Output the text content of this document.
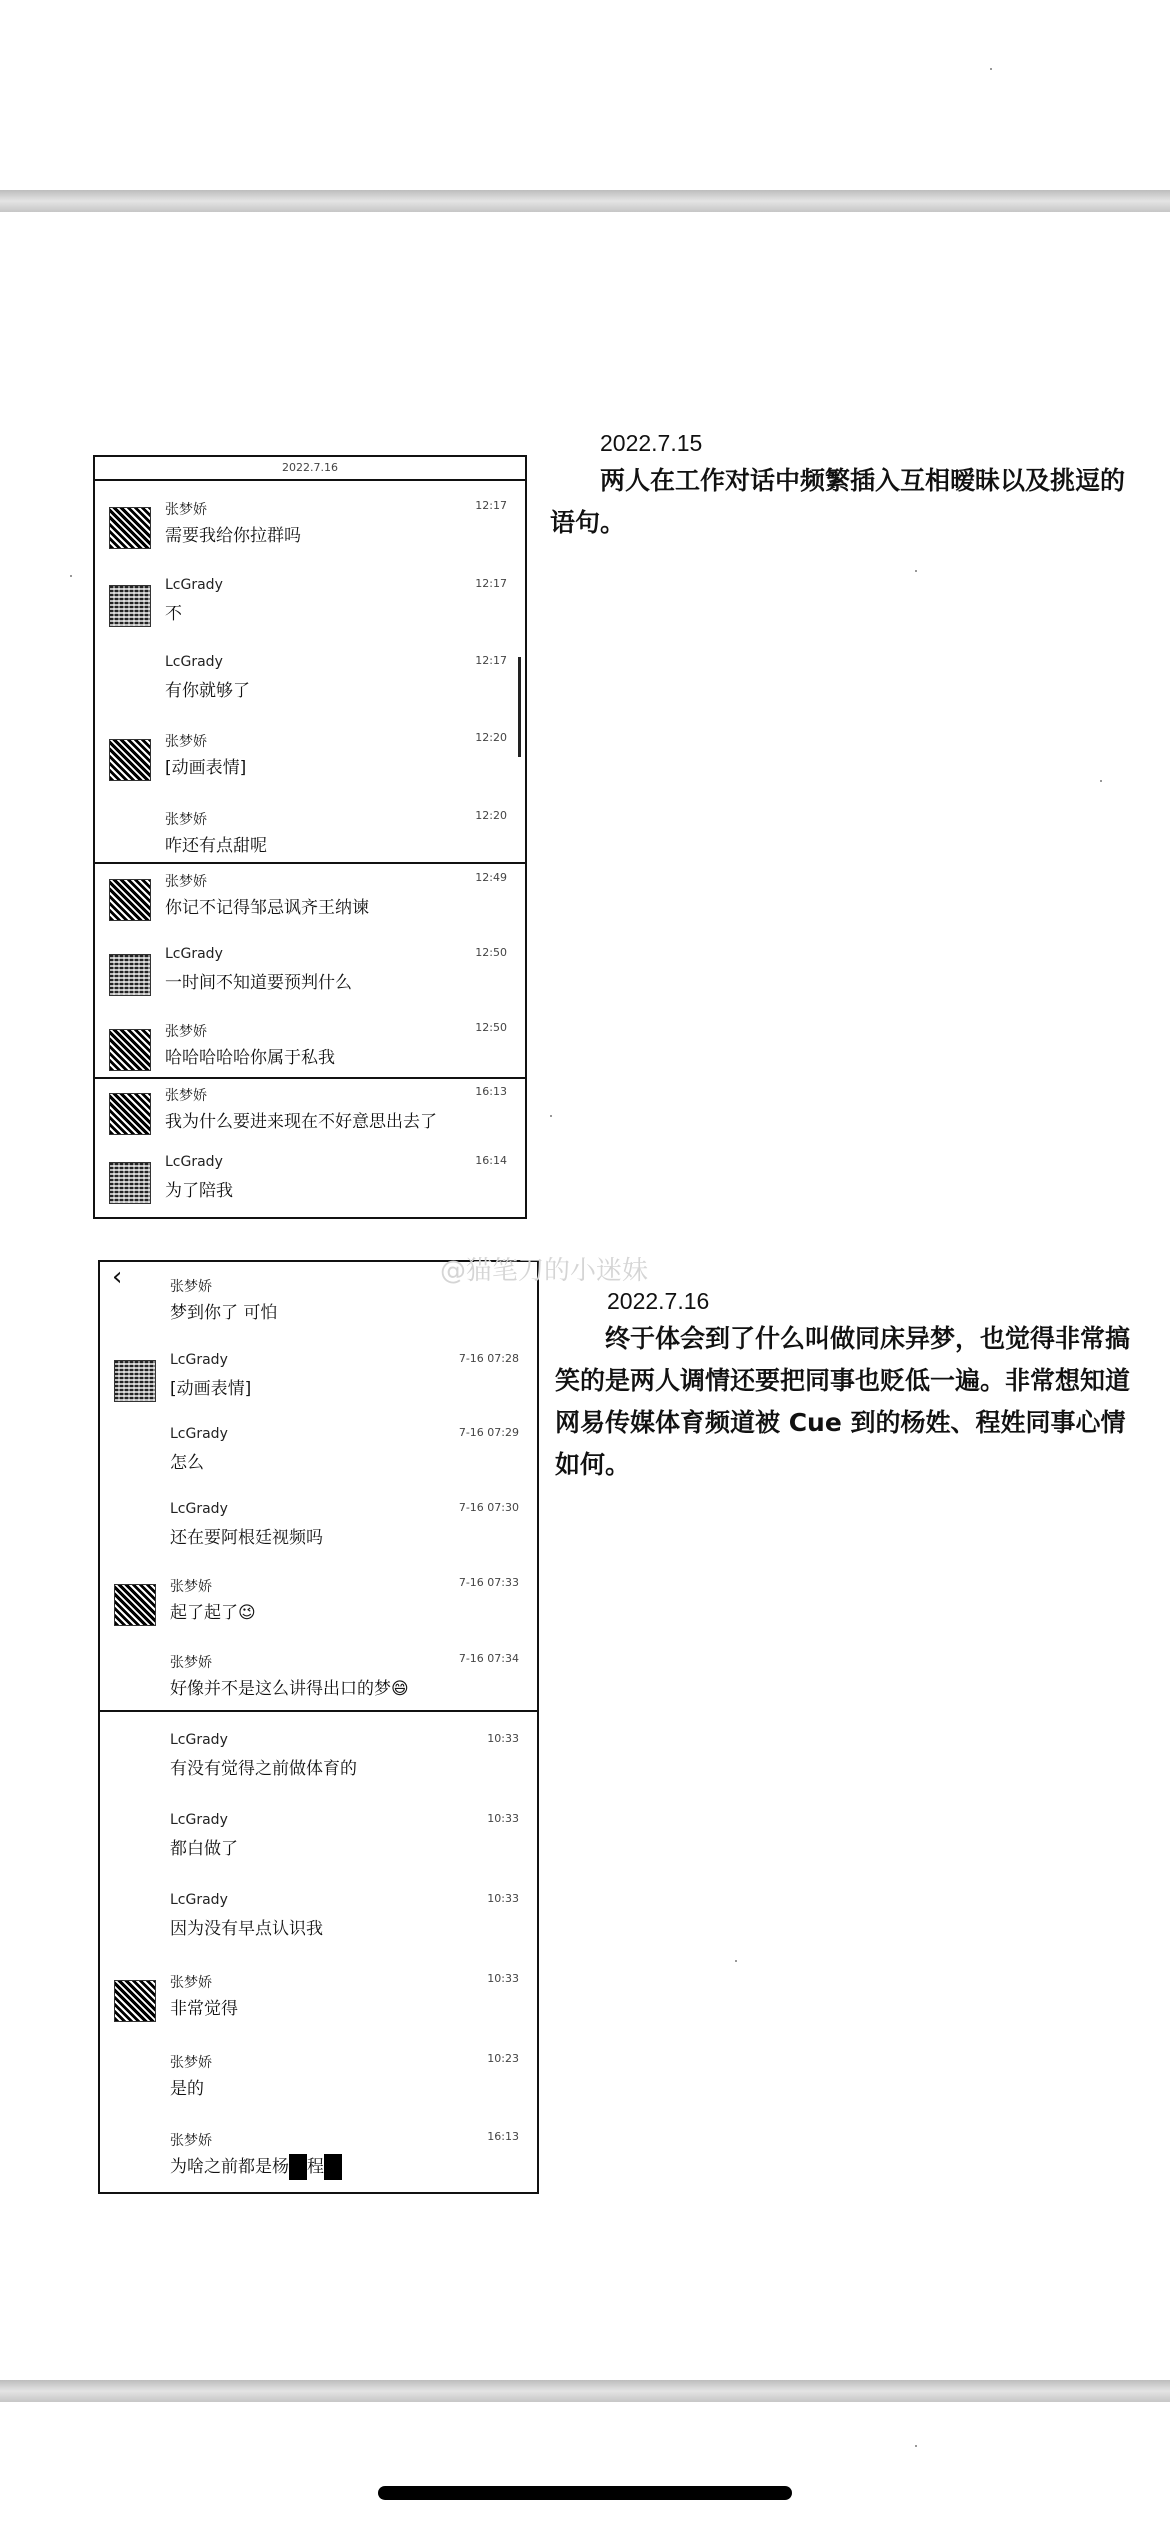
2022.7.15
两人在工作对话中频繁插入互相暧昧以及挑逗的语句。
2022.7.16
终于体会到了什么叫做同床异梦，也觉得非常搞笑的是两人调情还要把同事也贬低一遍。非常想知道网易传媒体育频道被 Cue 到的杨姓、程姓同事心情如何。
2022.7.16
张梦娇
需要我给你拉群吗
12:17
LcGrady
不
12:17
LcGrady
有你就够了
12:17
张梦娇
[动画表情]
12:20
张梦娇
咋还有点甜呢
12:20
张梦娇
你记不记得邹忌讽齐王纳谏
12:49
LcGrady
一时间不知道要预判什么
12:50
张梦娇
哈哈哈哈哈你属于私我
12:50
张梦娇
我为什么要进来现在不好意思出去了
16:13
LcGrady
为了陪我
16:14
‹	张梦娇
梦到你了 可怕
LcGrady
[动画表情]
7-16 07:28
LcGrady
怎么
7-16 07:29
LcGrady
还在要阿根廷视频吗
7-16 07:30
张梦娇
起了起了😉
7-16 07:33
张梦娇
好像并不是这么讲得出口的梦😄
7-16 07:34
LcGrady
有没有觉得之前做体育的
10:33
LcGrady
都白做了
10:33
LcGrady
因为没有早点认识我
10:33
张梦娇
非常觉得
10:33
张梦娇
是的
10:23
张梦娇
为啥之前都是杨 程
16:13
@猫笔刀的小迷妹
